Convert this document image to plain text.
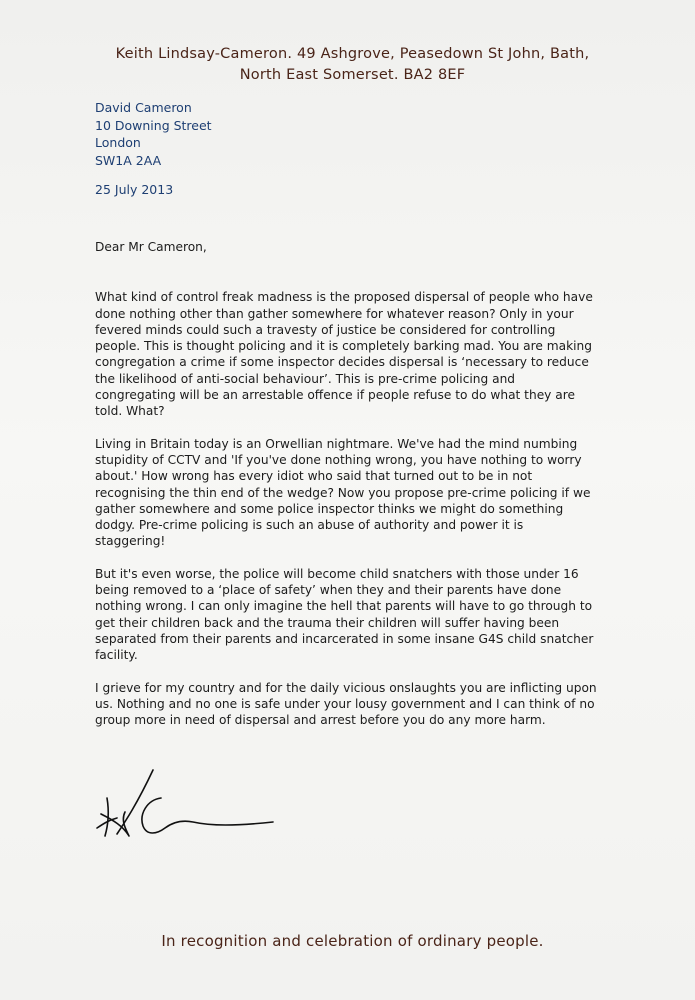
Keith Lindsay-Cameron. 49 Ashgrove, Peasedown St John, Bath,
North East Somerset. BA2 8EF
David Cameron
10 Downing Street
London
SW1A 2AA
25 July 2013
Dear Mr Cameron,
What kind of control freak madness is the proposed dispersal of people who have
done nothing other than gather somewhere for whatever reason? Only in your
fevered minds could such a travesty of justice be considered for controlling
people. This is thought policing and it is completely barking mad. You are making
congregation a crime if some inspector decides dispersal is ‘necessary to reduce
the likelihood of anti-social behaviour’. This is pre-crime policing and
congregating will be an arrestable offence if people refuse to do what they are
told. What?
Living in Britain today is an Orwellian nightmare. We've had the mind numbing
stupidity of CCTV and 'If you've done nothing wrong, you have nothing to worry
about.' How wrong has every idiot who said that turned out to be in not
recognising the thin end of the wedge? Now you propose pre-crime policing if we
gather somewhere and some police inspector thinks we might do something
dodgy. Pre-crime policing is such an abuse of authority and power it is
staggering!
But it's even worse, the police will become child snatchers with those under 16
being removed to a ‘place of safety’ when they and their parents have done
nothing wrong. I can only imagine the hell that parents will have to go through to
get their children back and the trauma their children will suffer having been
separated from their parents and incarcerated in some insane G4S child snatcher
facility.
I grieve for my country and for the daily vicious onslaughts you are inflicting upon
us. Nothing and no one is safe under your lousy government and I can think of no
group more in need of dispersal and arrest before you do any more harm.
In recognition and celebration of ordinary people.
